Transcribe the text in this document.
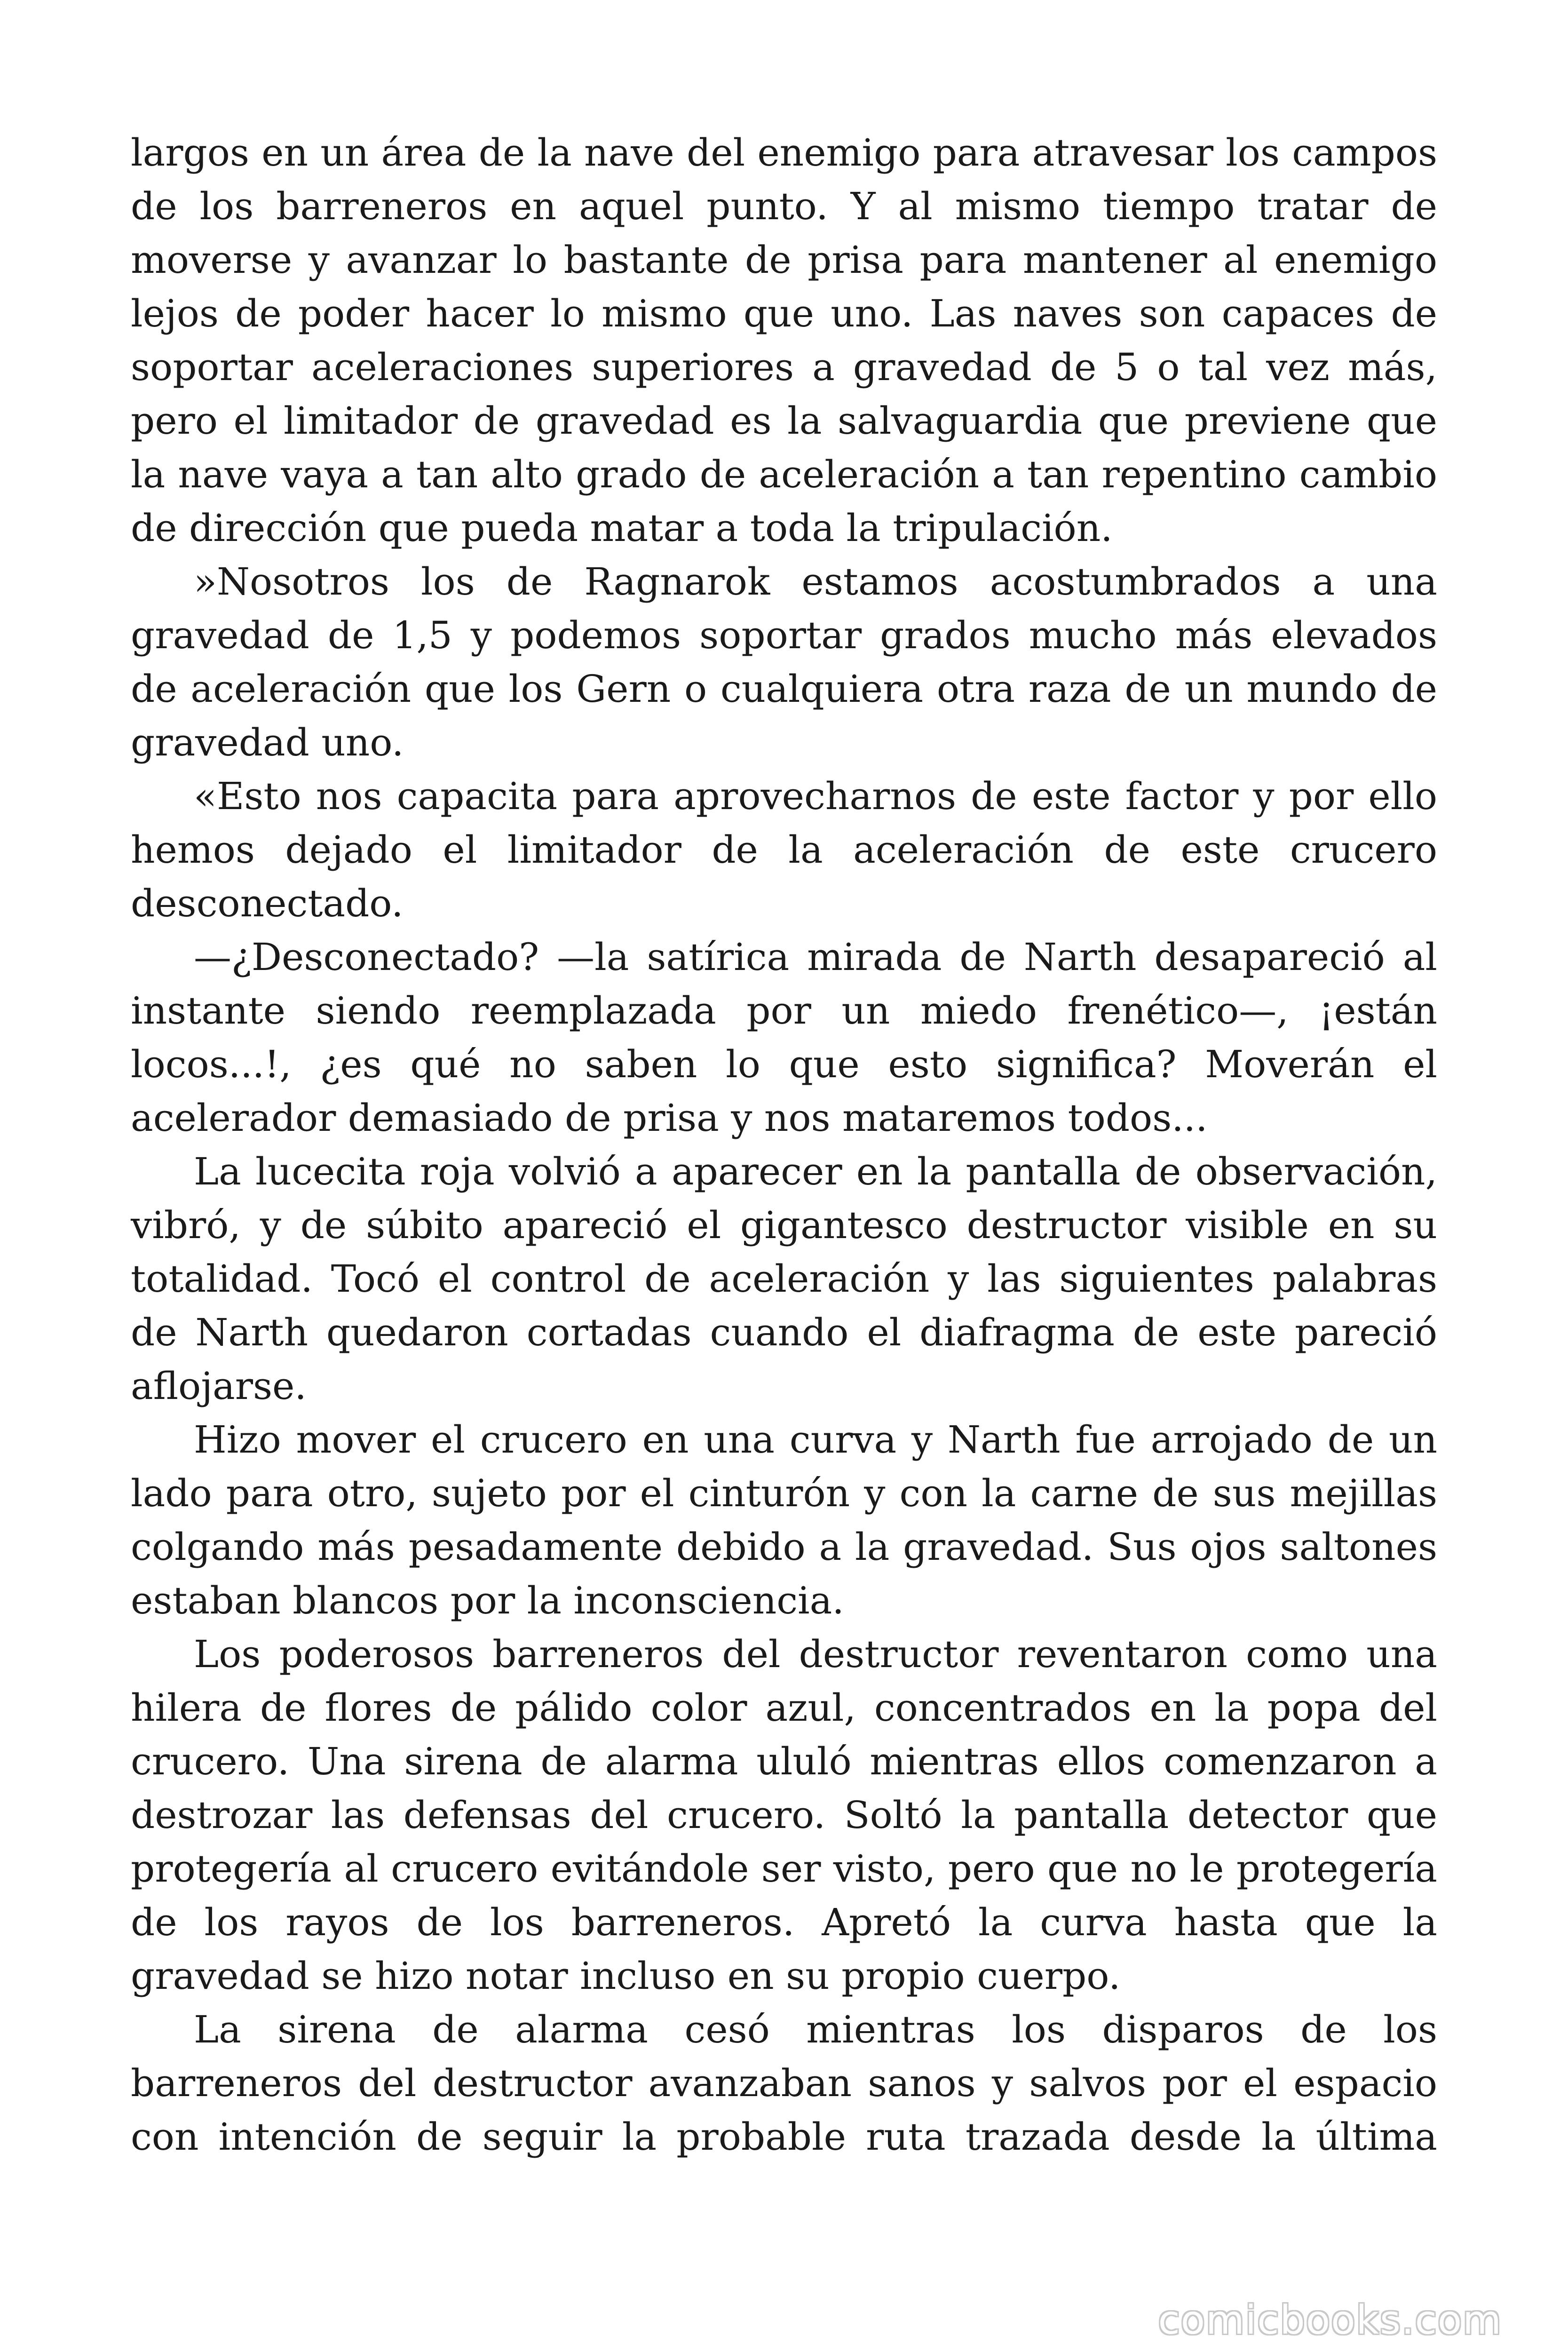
largos en un área de la nave del enemigo para atravesar los campos de los barreneros en aquel punto. Y al mismo tiempo tratar de moverse y avanzar lo bastante de prisa para mantener al enemigo lejos de poder hacer lo mismo que uno. Las naves son capaces de soportar aceleraciones superiores a gravedad de 5 o tal vez más, pero el limitador de gravedad es la salvaguardia que previene que la nave vaya a tan alto grado de aceleración a tan repentino cambio de dirección que pueda matar a toda la tripulación.

»Nosotros los de Ragnarok estamos acostumbrados a una gravedad de 1,5 y podemos soportar grados mucho más elevados de aceleración que los Gern o cualquiera otra raza de un mundo de gravedad uno.

«Esto nos capacita para aprovecharnos de este factor y por ello hemos dejado el limitador de la aceleración de este crucero desconectado.

—¿Desconectado? —la satírica mirada de Narth desapareció al instante siendo reemplazada por un miedo frenético—, ¡están locos...!, ¿es qué no saben lo que esto significa? Moverán el acelerador demasiado de prisa y nos mataremos todos...

La lucecita roja volvió a aparecer en la pantalla de observación, vibró, y de súbito apareció el gigantesco destructor visible en su totalidad. Tocó el control de aceleración y las siguientes palabras de Narth quedaron cortadas cuando el diafragma de este pareció aflojarse.

Hizo mover el crucero en una curva y Narth fue arrojado de un lado para otro, sujeto por el cinturón y con la carne de sus mejillas colgando más pesadamente debido a la gravedad. Sus ojos saltones estaban blancos por la inconsciencia.

Los poderosos barreneros del destructor reventaron como una hilera de flores de pálido color azul, concentrados en la popa del crucero. Una sirena de alarma ululó mientras ellos comenzaron a destrozar las defensas del crucero. Soltó la pantalla detector que protegería al crucero evitándole ser visto, pero que no le protegería de los rayos de los barreneros. Apretó la curva hasta que la gravedad se hizo notar incluso en su propio cuerpo.

La sirena de alarma cesó mientras los disparos de los barreneros del destructor avanzaban sanos y salvos por el espacio con intención de seguir la probable ruta trazada desde la última

comicbooks.com
